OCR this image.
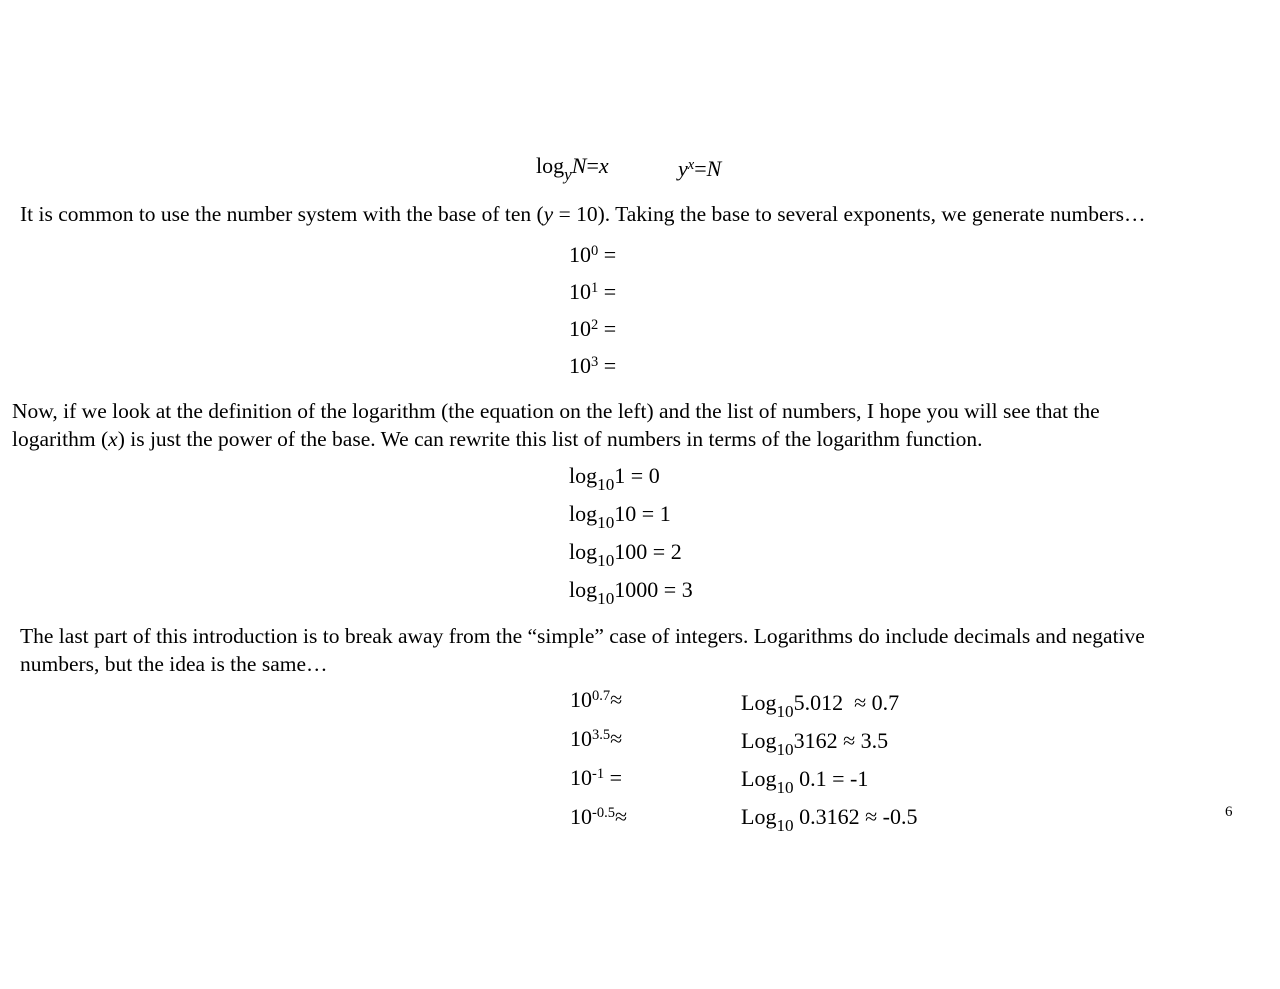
$\log_yN=x$	$y^x=N$
It is common to use the number system with the base of ten (y = 10). Taking the base to several exponents, we generate numbers…
$10^0$ =
$10^1$ =
$10^2$ =
$10^3$ =
Now, if we look at the definition of the logarithm (the equation on the left) and the list of numbers, I hope you will see that the
logarithm (x) is just the power of the base. We can rewrite this list of numbers in terms of the logarithm function.
$\log_{10}1 = 0$
$\log_{10}10 = 1$
$\log_{10}100 = 2$
$\log_{10}1000 = 3$
The last part of this introduction is to break away from the “simple” case of integers. Logarithms do include decimals and negative
numbers, but the idea is the same…
$10^{0.7}\approx$
$10^{3.5}\approx$
$10^{-1}$ =
$10^{-0.5}\approx$
Log$_{10}$5.012  ≈ 0.7
Log$_{10}$3162 ≈ 3.5
Log$_{10}$ 0.1 = -1
Log$_{10}$ 0.3162 ≈ -0.5	6
